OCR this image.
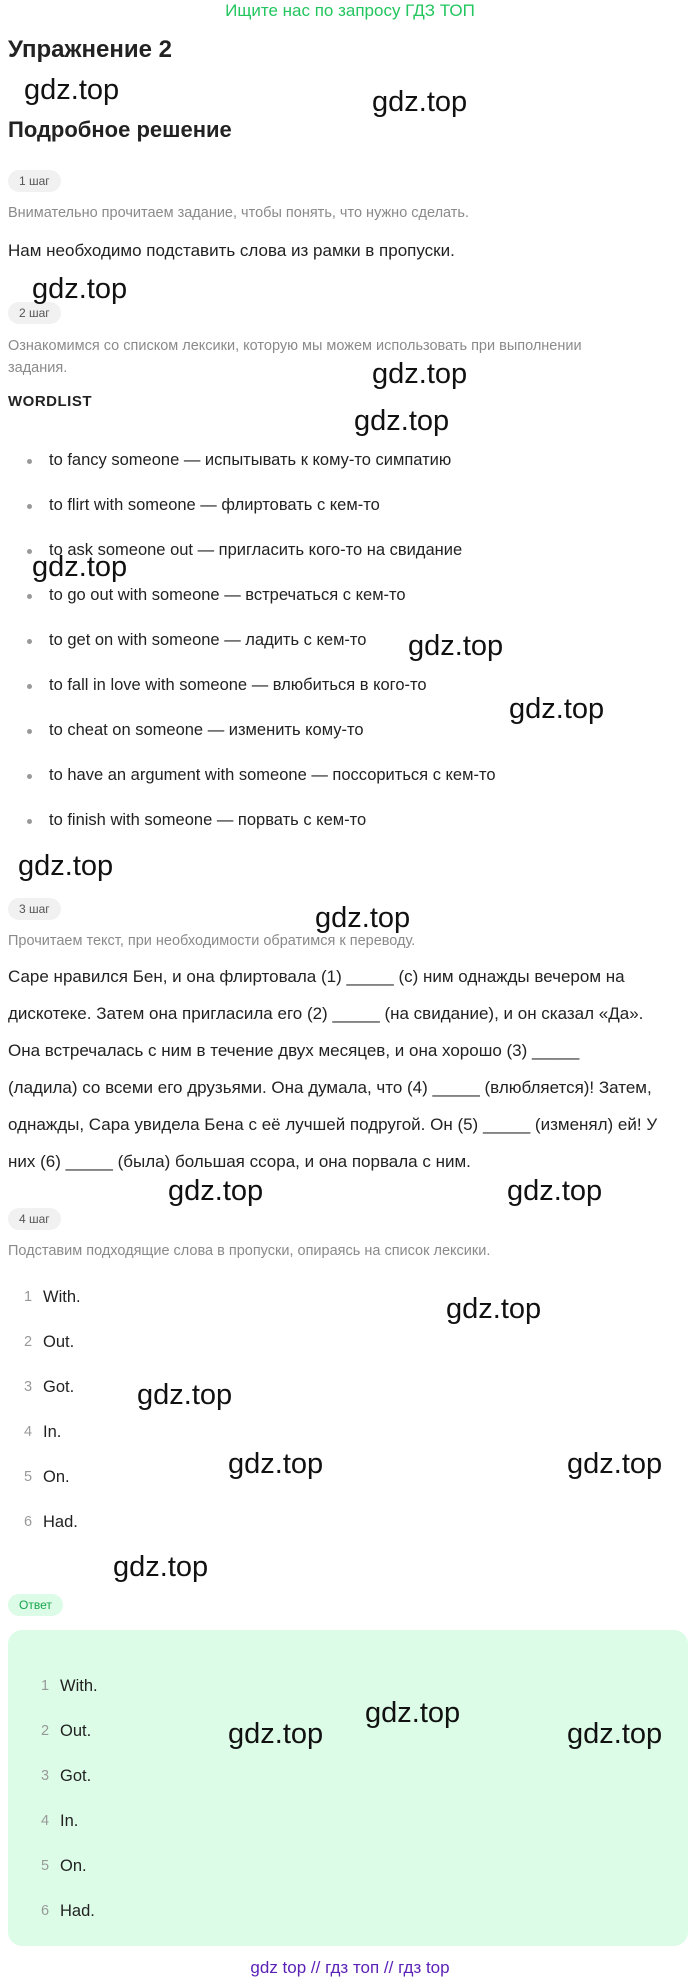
Ищите нас по запросу ГДЗ ТОП
Упражнение 2
Подробное решение
1 шаг
Внимательно прочитаем задание, чтобы понять, что нужно сделать.
Нам необходимо подставить слова из рамки в пропуски.
2 шаг
Ознакомимся со списком лексики, которую мы можем использовать при выполнении
задания.
WORDLIST
to fancy someone — испытывать к кому-то симпатию
to flirt with someone — флиртовать с кем-то
to ask someone out — пригласить кого-то на свидание
to go out with someone — встречаться с кем-то
to get on with someone — ладить с кем-то
to fall in love with someone — влюбиться в кого-то
to cheat on someone — изменить кому-то
to have an argument with someone — поссориться с кем-то
to finish with someone — порвать с кем-то
3 шаг
Прочитаем текст, при необходимости обратимся к переводу.
Саре нравился Бен, и она флиртовала (1) _____ (с) ним однажды вечером на
дискотеке. Затем она пригласила его (2) _____ (на свидание), и он сказал «Да».
Она встречалась с ним в течение двух месяцев, и она хорошо (3) _____
(ладила) со всеми его друзьями. Она думала, что (4) _____ (влюбляется)! Затем,
однажды, Сара увидела Бена с её лучшей подругой. Он (5) _____ (изменял) ей! У
них (6) _____ (была) большая ссора, и она порвала с ним.
4 шаг
Подставим подходящие слова в пропуски, опираясь на список лексики.
1 With.
2 Out.
3 Got.
4 In.
5 On.
6 Had.
Ответ
1 With.
2 Out.
3 Got.
4 In.
5 On.
6 Had.
gdz.top	gdz.top
gdz.top
gdz.top
gdz.top
gdz.top
gdz.top
gdz.top
gdz.top
gdz.top
gdz.top	gdz.top
gdz.top
gdz.top
gdz.top	gdz.top
gdz.top
gdz.top
gdz.top	gdz.top
gdz top // гдз топ // гдз top
